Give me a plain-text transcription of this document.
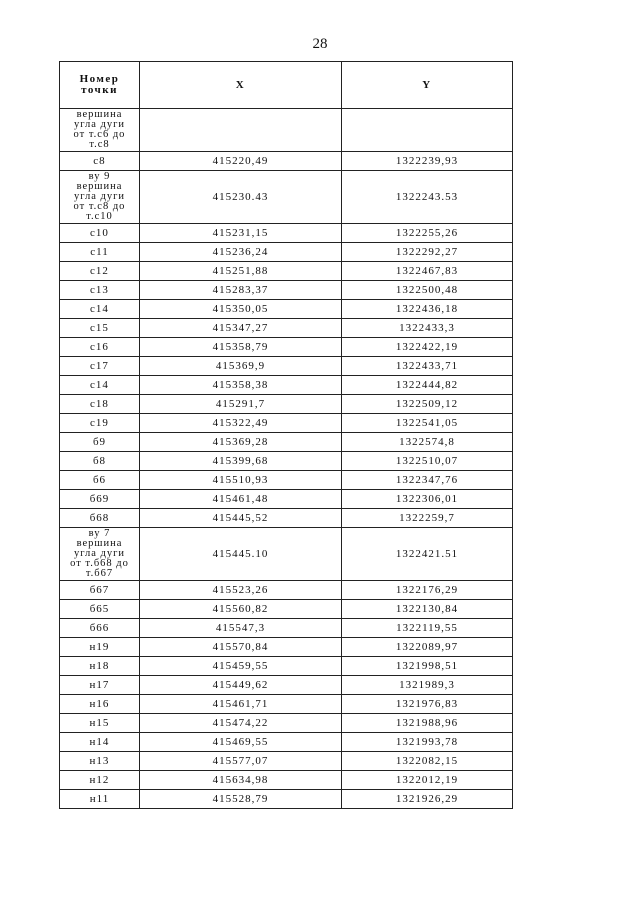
28
Номер
точки	X	Y

вершина
угла дуги
от т.с6 до
т.с8		

с8	415220,49	1322239,93

ву 9
вершина
угла дуги
от т.с8 до
т.с10	415230.43	1322243.53
с10	415231,15	1322255,26
с11	415236,24	1322292,27
с12	415251,88	1322467,83
с13	415283,37	1322500,48
с14	415350,05	1322436,18
с15	415347,27	1322433,3
с16	415358,79	1322422,19
с17	415369,9	1322433,71
с14	415358,38	1322444,82
с18	415291,7	1322509,12
с19	415322,49	1322541,05
б9	415369,28	1322574,8
б8	415399,68	1322510,07
б6	415510,93	1322347,76
б69	415461,48	1322306,01
б68	415445,52	1322259,7

ву 7
вершина
угла дуги
от т.б68 до
т.б67	415445.10	1322421.51
б67	415523,26	1322176,29
б65	415560,82	1322130,84
б66	415547,3	1322119,55
н19	415570,84	1322089,97
н18	415459,55	1321998,51
н17	415449,62	1321989,3
н16	415461,71	1321976,83
н15	415474,22	1321988,96
н14	415469,55	1321993,78
н13	415577,07	1322082,15
н12	415634,98	1322012,19
н11	415528,79	1321926,29
